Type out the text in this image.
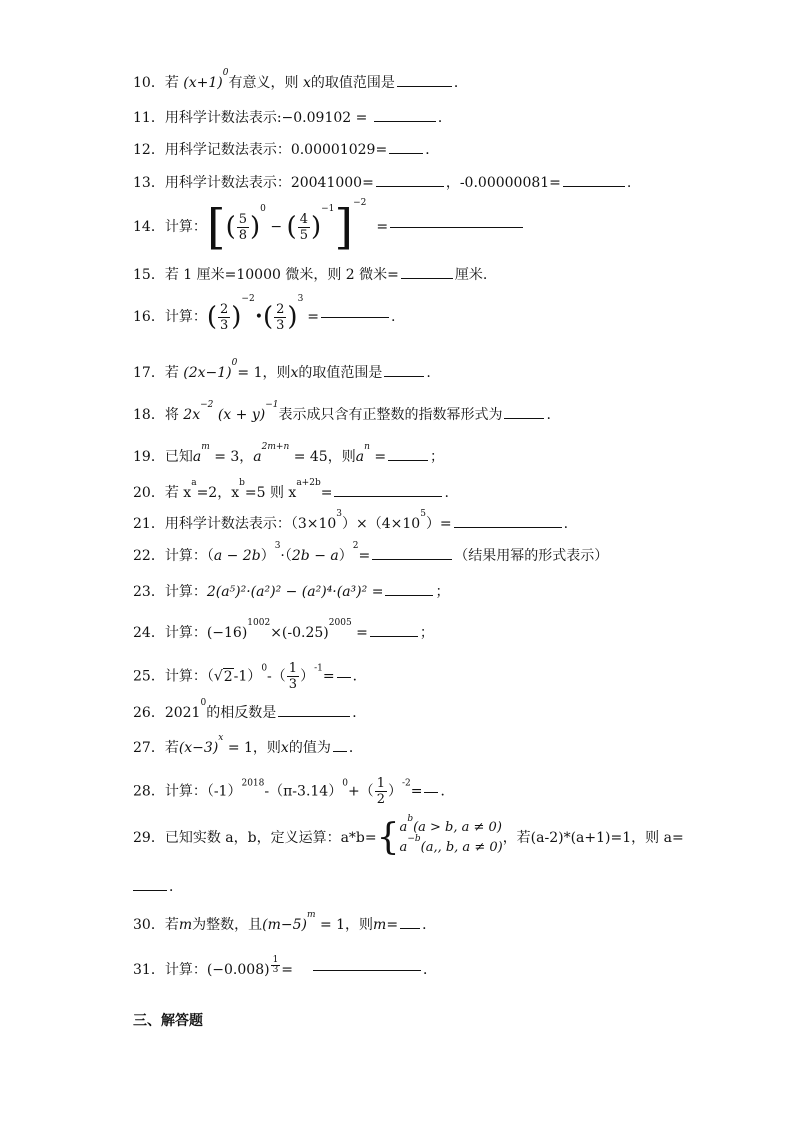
10．若 $(x+1)^0$有意义，则 x的取值范围是	．
11．用科学计数法表示:−0.09102 =	．
12．用科学记数法表示：0.00001029=	．
13．用科学计数法表示：20041000=	，-0.00000081=	.
14．计算：[( $\frac{5}{8} )^0$ − ( $\frac{4}{5} )^{-1}]^{-2}=$
15．若 1 厘米=10000 微米，则 2 微米=	厘米.
16．计算：( $\frac{2}{3}$ )$^{-2}$•( $\frac{2}{3} )^3=$	.
17．若 $(2x-1)^0= 1$，则x的取值范围是	.
18．将 $2x^{-2}$ $(x + y)^{-1}$表示成只含有正整数的指数幂形式为	.
19．已知$a^m = 3$，$a^{2m+n} = 45$，则$a^n$ =	；
20．若 $x^a=2$，$x^b=5$ 则 $x^{a+2b}=$	.
21．用科学计数法表示：$(3\times 10^3)\times(4\times 10^5)=$	.
22．计算：$(a - 2b)^3\cdot(2b - a)^2=$	（结果用幂的形式表示）
23．计算：2(a⁵)²·(a²)² − (a²)⁴·(a³)² =	；
24．计算：$(-16)^{1002}\times(-0.25)^{2005}$ =	；
25．计算：$(√2-1)^0-( \frac{1}{3} )^{-1}=$ ．
26．2021$^0$的相反数是	．
27．若$(x-3)^x = 1$，则x的值为 ．
28．计算：$(-1)^{2018}-(\pi-3.14)^0+( \frac{1}{2} )^{-2}=$ ．
29．已知实数 a，b，定义运算：a*b={ $a^b(a > b$, a ≠ 0)
$a^{-b}(a$,, b, a ≠ 0)
，若(a-2)*(a+1)=1，则 a=
．
30．若m为整数，且$(m-5)^m = 1$，则m= ．
31．计算：$(-0.008) \frac{1}{3}$ =	．
三、解答题
